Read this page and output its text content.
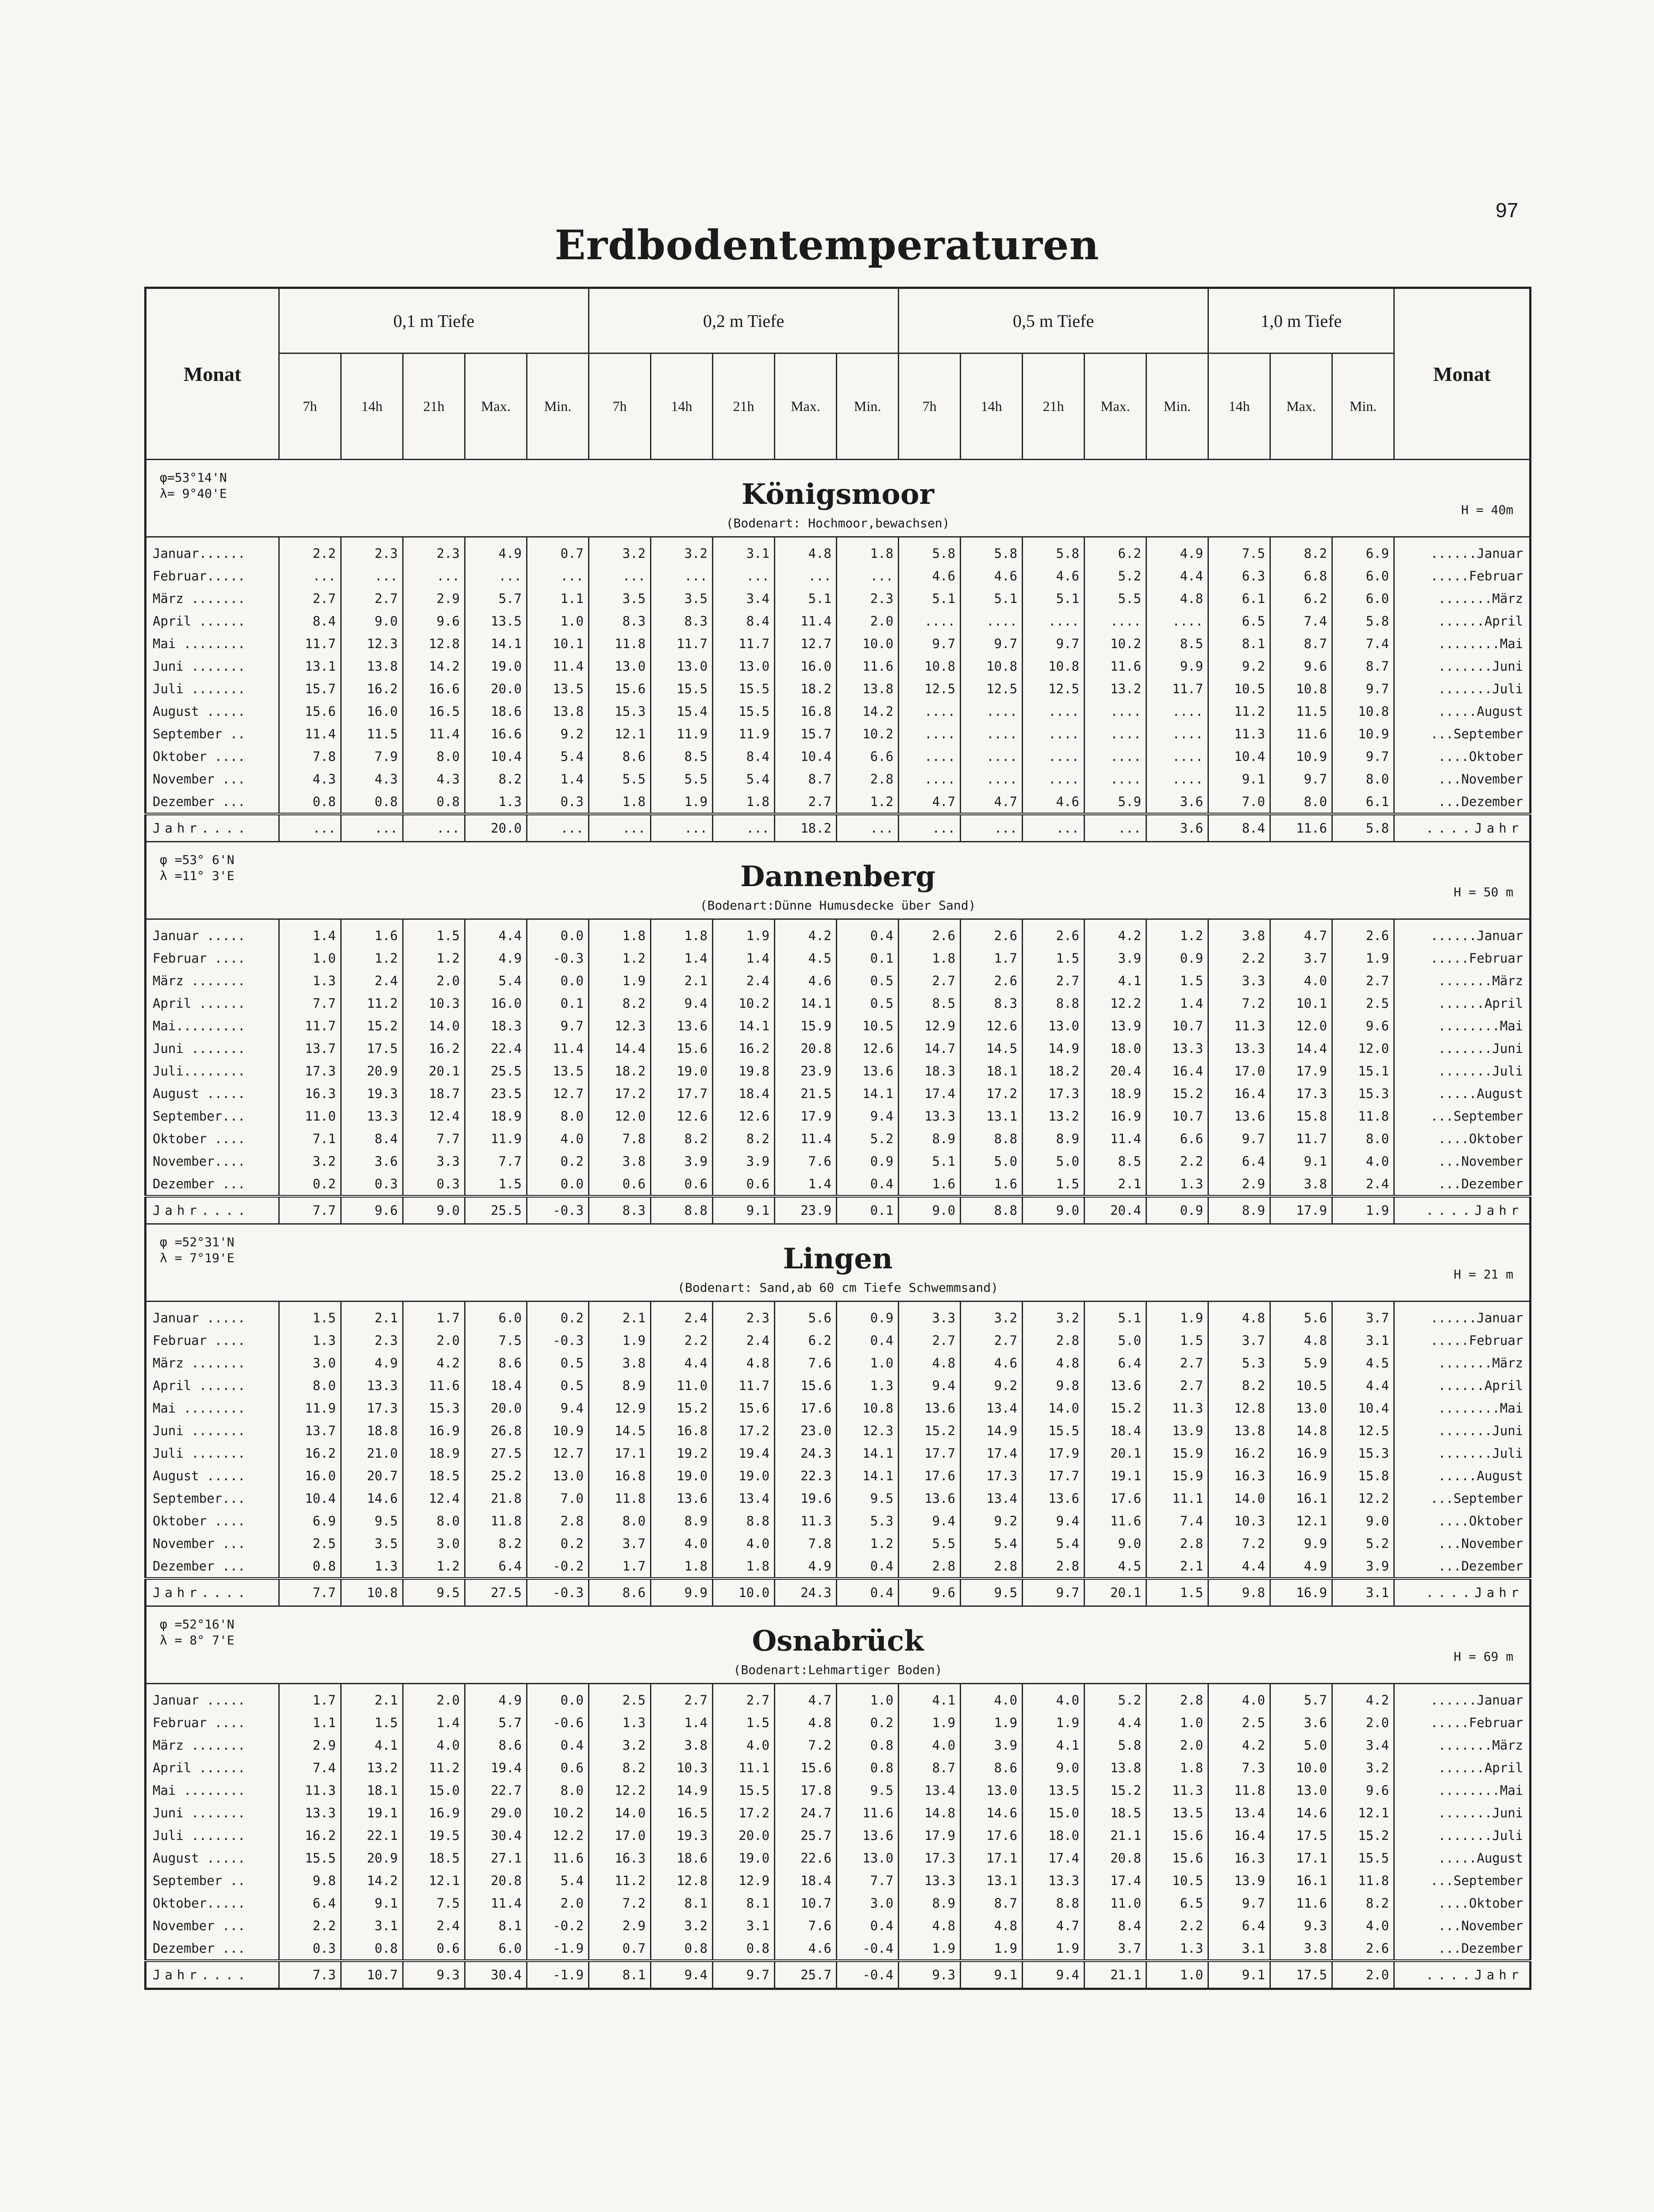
97
Erdbodentemperaturen
Monat	0,1 m Tiefe					0,2 m Tiefe					0,5 m Tiefe					1,0 m Tiefe			Monat
	7h	14h	21h	Max.	Min.	7h	14h	21h	Max.	Min.	7h	14h	21h	Max.	Min.	14h	Max.	Min.	

φ=53°14'N
λ= 9°40'E Königsmoor
(Bodenart: Hochmoor,bewachsen)
H = 40m																			

Januar......	2.2	2.3	2.3	4.9	0.7	3.2	3.2	3.1	4.8	1.8	5.8	5.8	5.8	6.2	4.9	7.5	8.2	6.9	......Januar
Februar.....	...	...	...	...	...	...	...	...	...	...	4.6	4.6	4.6	5.2	4.4	6.3	6.8	6.0	.....Februar
März .......	2.7	2.7	2.9	5.7	1.1	3.5	3.5	3.4	5.1	2.3	5.1	5.1	5.1	5.5	4.8	6.1	6.2	6.0	.......März
April ......	8.4	9.0	9.6	13.5	1.0	8.3	8.3	8.4	11.4	2.0	....	....	....	....	....	6.5	7.4	5.8	......April
Mai ........	11.7	12.3	12.8	14.1	10.1	11.8	11.7	11.7	12.7	10.0	9.7	9.7	9.7	10.2	8.5	8.1	8.7	7.4	........Mai
Juni .......	13.1	13.8	14.2	19.0	11.4	13.0	13.0	13.0	16.0	11.6	10.8	10.8	10.8	11.6	9.9	9.2	9.6	8.7	.......Juni
Juli .......	15.7	16.2	16.6	20.0	13.5	15.6	15.5	15.5	18.2	13.8	12.5	12.5	12.5	13.2	11.7	10.5	10.8	9.7	.......Juli
August .....	15.6	16.0	16.5	18.6	13.8	15.3	15.4	15.5	16.8	14.2	....	....	....	....	....	11.2	11.5	10.8	.....August
September ..	11.4	11.5	11.4	16.6	9.2	12.1	11.9	11.9	15.7	10.2	....	....	....	....	....	11.3	11.6	10.9	...September
Oktober ....	7.8	7.9	8.0	10.4	5.4	8.6	8.5	8.4	10.4	6.6	....	....	....	....	....	10.4	10.9	9.7	....Oktober
November ...	4.3	4.3	4.3	8.2	1.4	5.5	5.5	5.4	8.7	2.8	....	....	....	....	....	9.1	9.7	8.0	...November
Dezember ...	0.8	0.8	0.8	1.3	0.3	1.8	1.9	1.8	2.7	1.2	4.7	4.7	4.6	5.9	3.6	7.0	8.0	6.1	...Dezember
Jahr....	...	...	...	20.0	...	...	...	...	18.2	...	...	...	...	...	3.6	8.4	11.6	5.8	....Jahr

φ =53° 6'N
λ =11° 3'E Dannenberg
(Bodenart:Dünne Humusdecke über Sand)
H = 50 m																			

Januar .....	1.4	1.6	1.5	4.4	0.0	1.8	1.8	1.9	4.2	0.4	2.6	2.6	2.6	4.2	1.2	3.8	4.7	2.6	......Januar
Februar ....	1.0	1.2	1.2	4.9	-0.3	1.2	1.4	1.4	4.5	0.1	1.8	1.7	1.5	3.9	0.9	2.2	3.7	1.9	.....Februar
März .......	1.3	2.4	2.0	5.4	0.0	1.9	2.1	2.4	4.6	0.5	2.7	2.6	2.7	4.1	1.5	3.3	4.0	2.7	.......März
April ......	7.7	11.2	10.3	16.0	0.1	8.2	9.4	10.2	14.1	0.5	8.5	8.3	8.8	12.2	1.4	7.2	10.1	2.5	......April
Mai.........	11.7	15.2	14.0	18.3	9.7	12.3	13.6	14.1	15.9	10.5	12.9	12.6	13.0	13.9	10.7	11.3	12.0	9.6	........Mai
Juni .......	13.7	17.5	16.2	22.4	11.4	14.4	15.6	16.2	20.8	12.6	14.7	14.5	14.9	18.0	13.3	13.3	14.4	12.0	.......Juni
Juli........	17.3	20.9	20.1	25.5	13.5	18.2	19.0	19.8	23.9	13.6	18.3	18.1	18.2	20.4	16.4	17.0	17.9	15.1	.......Juli
August .....	16.3	19.3	18.7	23.5	12.7	17.2	17.7	18.4	21.5	14.1	17.4	17.2	17.3	18.9	15.2	16.4	17.3	15.3	.....August
September...	11.0	13.3	12.4	18.9	8.0	12.0	12.6	12.6	17.9	9.4	13.3	13.1	13.2	16.9	10.7	13.6	15.8	11.8	...September
Oktober ....	7.1	8.4	7.7	11.9	4.0	7.8	8.2	8.2	11.4	5.2	8.9	8.8	8.9	11.4	6.6	9.7	11.7	8.0	....Oktober
November....	3.2	3.6	3.3	7.7	0.2	3.8	3.9	3.9	7.6	0.9	5.1	5.0	5.0	8.5	2.2	6.4	9.1	4.0	...November
Dezember ...	0.2	0.3	0.3	1.5	0.0	0.6	0.6	0.6	1.4	0.4	1.6	1.6	1.5	2.1	1.3	2.9	3.8	2.4	...Dezember
Jahr....	7.7	9.6	9.0	25.5	-0.3	8.3	8.8	9.1	23.9	0.1	9.0	8.8	9.0	20.4	0.9	8.9	17.9	1.9	....Jahr

φ =52°31'N
λ = 7°19'E Lingen
(Bodenart: Sand,ab 60 cm Tiefe Schwemmsand)
H = 21 m																			

Januar .....	1.5	2.1	1.7	6.0	0.2	2.1	2.4	2.3	5.6	0.9	3.3	3.2	3.2	5.1	1.9	4.8	5.6	3.7	......Januar
Februar ....	1.3	2.3	2.0	7.5	-0.3	1.9	2.2	2.4	6.2	0.4	2.7	2.7	2.8	5.0	1.5	3.7	4.8	3.1	.....Februar
März .......	3.0	4.9	4.2	8.6	0.5	3.8	4.4	4.8	7.6	1.0	4.8	4.6	4.8	6.4	2.7	5.3	5.9	4.5	.......März
April ......	8.0	13.3	11.6	18.4	0.5	8.9	11.0	11.7	15.6	1.3	9.4	9.2	9.8	13.6	2.7	8.2	10.5	4.4	......April
Mai ........	11.9	17.3	15.3	20.0	9.4	12.9	15.2	15.6	17.6	10.8	13.6	13.4	14.0	15.2	11.3	12.8	13.0	10.4	........Mai
Juni .......	13.7	18.8	16.9	26.8	10.9	14.5	16.8	17.2	23.0	12.3	15.2	14.9	15.5	18.4	13.9	13.8	14.8	12.5	.......Juni
Juli .......	16.2	21.0	18.9	27.5	12.7	17.1	19.2	19.4	24.3	14.1	17.7	17.4	17.9	20.1	15.9	16.2	16.9	15.3	.......Juli
August .....	16.0	20.7	18.5	25.2	13.0	16.8	19.0	19.0	22.3	14.1	17.6	17.3	17.7	19.1	15.9	16.3	16.9	15.8	.....August
September...	10.4	14.6	12.4	21.8	7.0	11.8	13.6	13.4	19.6	9.5	13.6	13.4	13.6	17.6	11.1	14.0	16.1	12.2	...September
Oktober ....	6.9	9.5	8.0	11.8	2.8	8.0	8.9	8.8	11.3	5.3	9.4	9.2	9.4	11.6	7.4	10.3	12.1	9.0	....Oktober
November ...	2.5	3.5	3.0	8.2	0.2	3.7	4.0	4.0	7.8	1.2	5.5	5.4	5.4	9.0	2.8	7.2	9.9	5.2	...November
Dezember ...	0.8	1.3	1.2	6.4	-0.2	1.7	1.8	1.8	4.9	0.4	2.8	2.8	2.8	4.5	2.1	4.4	4.9	3.9	...Dezember
Jahr....	7.7	10.8	9.5	27.5	-0.3	8.6	9.9	10.0	24.3	0.4	9.6	9.5	9.7	20.1	1.5	9.8	16.9	3.1	....Jahr

φ =52°16'N
λ = 8° 7'E Osnabrück
(Bodenart:Lehmartiger Boden)
H = 69 m																			

Januar .....	1.7	2.1	2.0	4.9	0.0	2.5	2.7	2.7	4.7	1.0	4.1	4.0	4.0	5.2	2.8	4.0	5.7	4.2	......Januar
Februar ....	1.1	1.5	1.4	5.7	-0.6	1.3	1.4	1.5	4.8	0.2	1.9	1.9	1.9	4.4	1.0	2.5	3.6	2.0	.....Februar
März .......	2.9	4.1	4.0	8.6	0.4	3.2	3.8	4.0	7.2	0.8	4.0	3.9	4.1	5.8	2.0	4.2	5.0	3.4	.......März
April ......	7.4	13.2	11.2	19.4	0.6	8.2	10.3	11.1	15.6	0.8	8.7	8.6	9.0	13.8	1.8	7.3	10.0	3.2	......April
Mai ........	11.3	18.1	15.0	22.7	8.0	12.2	14.9	15.5	17.8	9.5	13.4	13.0	13.5	15.2	11.3	11.8	13.0	9.6	........Mai
Juni .......	13.3	19.1	16.9	29.0	10.2	14.0	16.5	17.2	24.7	11.6	14.8	14.6	15.0	18.5	13.5	13.4	14.6	12.1	.......Juni
Juli .......	16.2	22.1	19.5	30.4	12.2	17.0	19.3	20.0	25.7	13.6	17.9	17.6	18.0	21.1	15.6	16.4	17.5	15.2	.......Juli
August .....	15.5	20.9	18.5	27.1	11.6	16.3	18.6	19.0	22.6	13.0	17.3	17.1	17.4	20.8	15.6	16.3	17.1	15.5	.....August
September ..	9.8	14.2	12.1	20.8	5.4	11.2	12.8	12.9	18.4	7.7	13.3	13.1	13.3	17.4	10.5	13.9	16.1	11.8	...September
Oktober.....	6.4	9.1	7.5	11.4	2.0	7.2	8.1	8.1	10.7	3.0	8.9	8.7	8.8	11.0	6.5	9.7	11.6	8.2	....Oktober
November ...	2.2	3.1	2.4	8.1	-0.2	2.9	3.2	3.1	7.6	0.4	4.8	4.8	4.7	8.4	2.2	6.4	9.3	4.0	...November
Dezember ...	0.3	0.8	0.6	6.0	-1.9	0.7	0.8	0.8	4.6	-0.4	1.9	1.9	1.9	3.7	1.3	3.1	3.8	2.6	...Dezember
Jahr....	7.3	10.7	9.3	30.4	-1.9	8.1	9.4	9.7	25.7	-0.4	9.3	9.1	9.4	21.1	1.0	9.1	17.5	2.0	....Jahr
